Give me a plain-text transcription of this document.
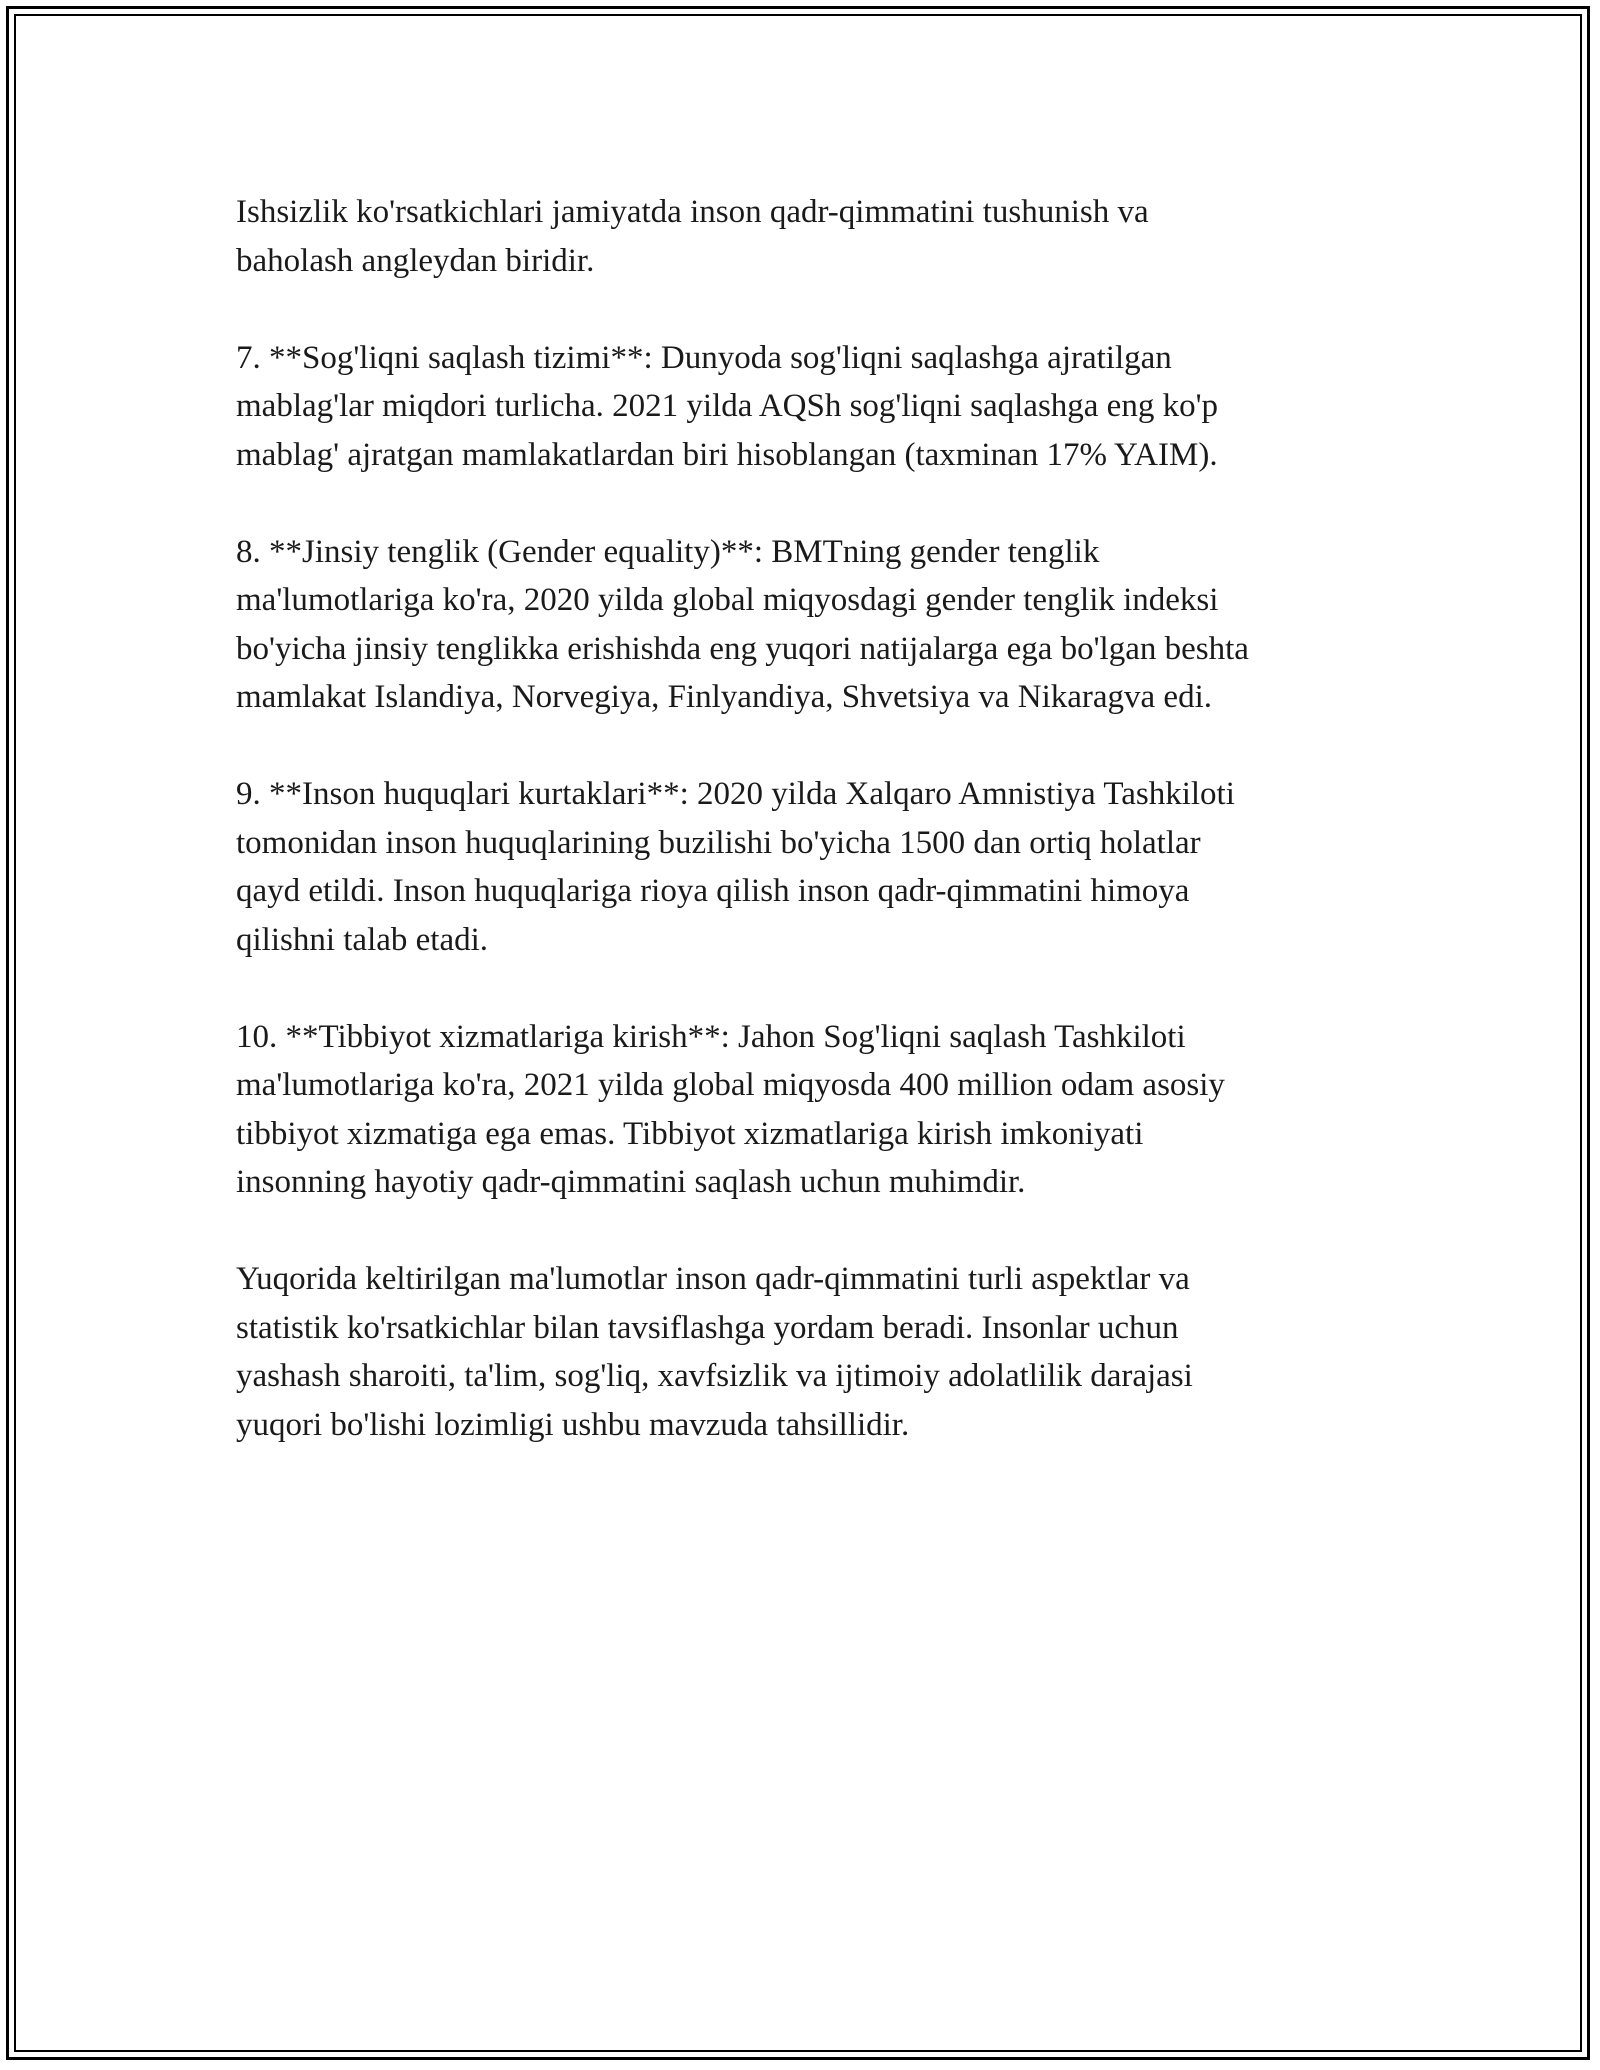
Ishsizlik ko'rsatkichlari jamiyatda inson qadr-qimmatini tushunish va
baholash angleydan biridir.

7. **Sog'liqni saqlash tizimi**: Dunyoda sog'liqni saqlashga ajratilgan
mablag'lar miqdori turlicha. 2021 yilda AQSh sog'liqni saqlashga eng ko'p
mablag' ajratgan mamlakatlardan biri hisoblangan (taxminan 17% YAIM).

8. **Jinsiy tenglik (Gender equality)**: BMTning gender tenglik
ma'lumotlariga ko'ra, 2020 yilda global miqyosdagi gender tenglik indeksi
bo'yicha jinsiy tenglikka erishishda eng yuqori natijalarga ega bo'lgan beshta
mamlakat Islandiya, Norvegiya, Finlyandiya, Shvetsiya va Nikaragva edi.

9. **Inson huquqlari kurtaklari**: 2020 yilda Xalqaro Amnistiya Tashkiloti
tomonidan inson huquqlarining buzilishi bo'yicha 1500 dan ortiq holatlar
qayd etildi. Inson huquqlariga rioya qilish inson qadr-qimmatini himoya
qilishni talab etadi.

10. **Tibbiyot xizmatlariga kirish**: Jahon Sog'liqni saqlash Tashkiloti
ma'lumotlariga ko'ra, 2021 yilda global miqyosda 400 million odam asosiy
tibbiyot xizmatiga ega emas. Tibbiyot xizmatlariga kirish imkoniyati
insonning hayotiy qadr-qimmatini saqlash uchun muhimdir.

Yuqorida keltirilgan ma'lumotlar inson qadr-qimmatini turli aspektlar va
statistik ko'rsatkichlar bilan tavsiflashga yordam beradi. Insonlar uchun
yashash sharoiti, ta'lim, sog'liq, xavfsizlik va ijtimoiy adolatlilik darajasi
yuqori bo'lishi lozimligi ushbu mavzuda tahsillidir.
